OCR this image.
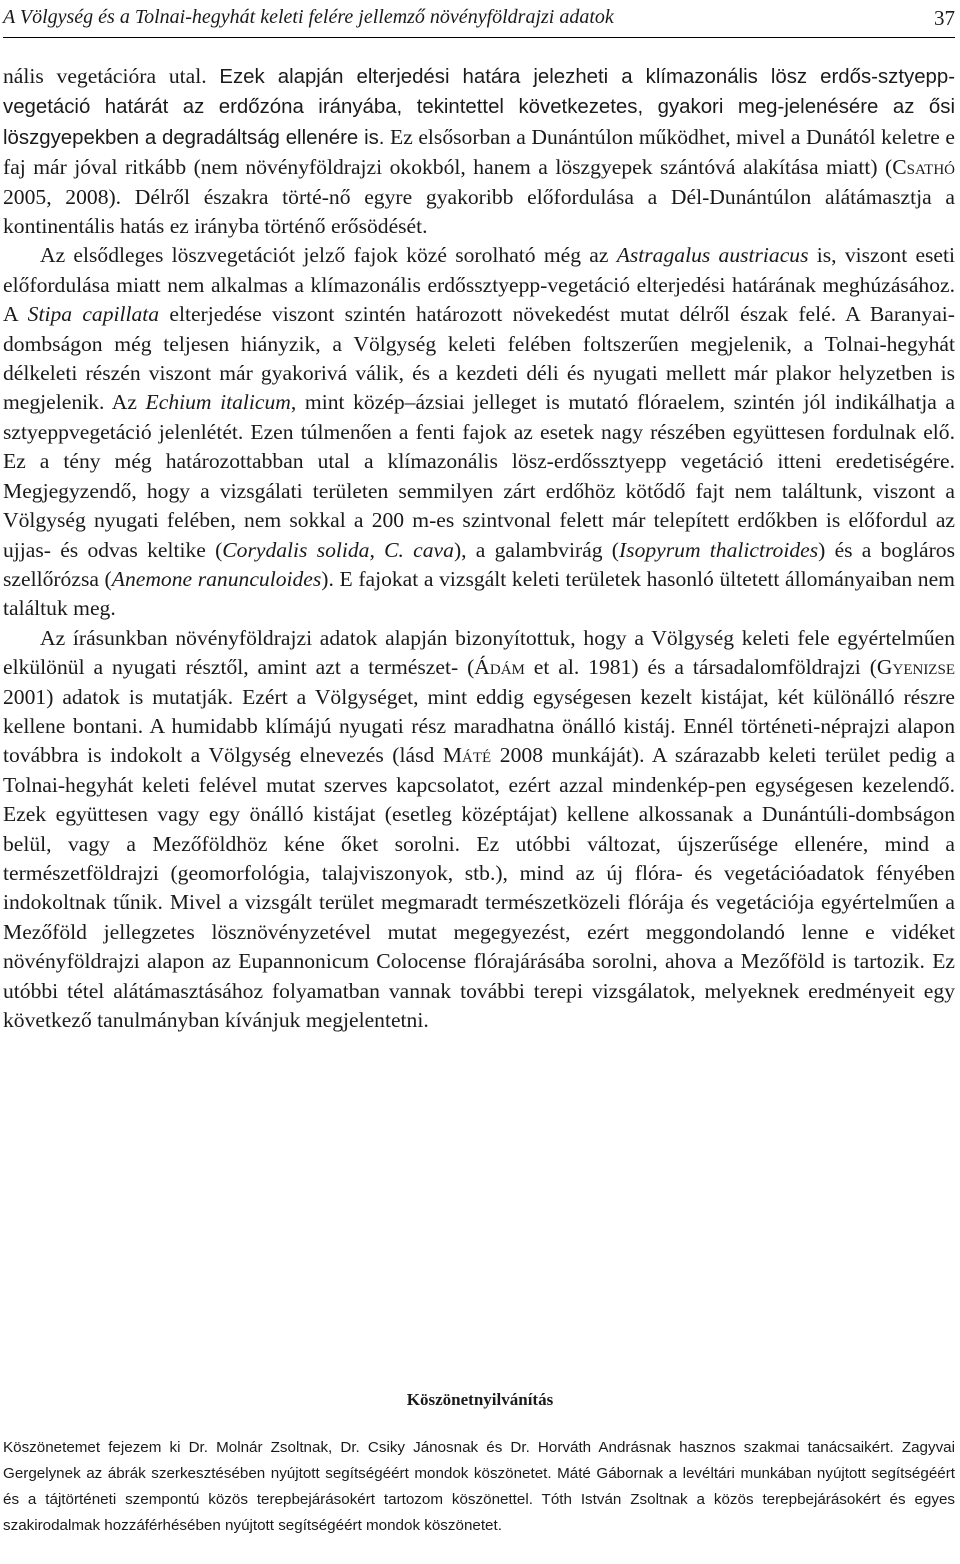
A Völgység és a Tolnai-hegyhát keleti felére jellemző növényföldrajzi adatok	37

nális vegetációra utal. Ezek alapján elterjedési határa jelezheti a klímazonális lösz erdős-sztyepp-vegetáció határát az erdőzóna irányába, tekintettel következetes, gyakori meg-jelenésére az ősi löszgyepekben a degradáltság ellenére is. Ez elsősorban a Dunántúlon működhet, mivel a Dunától keletre e faj már jóval ritkább (nem növényföldrajzi okokból, hanem a löszgyepek szántóvá alakítása miatt) (Csathó 2005, 2008). Délről északra törté-nő egyre gyakoribb előfordulása a Dél-Dunántúlon alátámasztja a kontinentális hatás ez irányba történő erősödését.

Az elsődleges löszvegetációt jelző fajok közé sorolható még az Astragalus austriacus is, viszont eseti előfordulása miatt nem alkalmas a klímazonális erdőssztyepp-vegetáció elterjedési határának meghúzásához. A Stipa capillata elterjedése viszont szintén határozott növekedést mutat délről észak felé. A Baranyai-dombságon még teljesen hiányzik, a Völgység keleti felében foltszerűen megjelenik, a Tolnai-hegyhát délkeleti részén viszont már gyakorivá válik, és a kezdeti déli és nyugati mellett már plakor helyzetben is megjelenik. Az Echium italicum, mint közép–ázsiai jelleget is mutató flóraelem, szintén jól indikálhatja a sztyeppvegetáció jelenlétét. Ezen túlmenően a fenti fajok az esetek nagy részében együttesen fordulnak elő. Ez a tény még határozottabban utal a klímazonális lösz-erdőssztyepp vegetáció itteni eredetiségére. Megjegyzendő, hogy a vizsgálati területen semmilyen zárt erdőhöz kötődő fajt nem találtunk, viszont a Völgység nyugati felében, nem sokkal a 200 m-es szintvonal felett már telepített erdőkben is előfordul az ujjas- és odvas keltike (Corydalis solida, C. cava), a galambvirág (Isopyrum thalictroides) és a bogláros szellőrózsa (Anemone ranunculoides). E fajokat a vizsgált keleti területek hasonló ültetett állományaiban nem találtuk meg.

Az írásunkban növényföldrajzi adatok alapján bizonyítottuk, hogy a Völgység keleti fele egyértelműen elkülönül a nyugati résztől, amint azt a természet- (Ádám et al. 1981) és a társadalomföldrajzi (Gyenizse 2001) adatok is mutatják. Ezért a Völgységet, mint eddig egységesen kezelt kistájat, két különálló részre kellene bontani. A humidabb klímájú nyugati rész maradhatna önálló kistáj. Ennél történeti-néprajzi alapon továbbra is indokolt a Völgység elnevezés (lásd Máté 2008 munkáját). A szárazabb keleti terület pedig a Tolnai-hegyhát keleti felével mutat szerves kapcsolatot, ezért azzal mindenkép-pen egységesen kezelendő. Ezek együttesen vagy egy önálló kistájat (esetleg középtájat) kellene alkossanak a Dunántúli-dombságon belül, vagy a Mezőföldhöz kéne őket sorolni. Ez utóbbi változat, újszerűsége ellenére, mind a természetföldrajzi (geomorfológia, talajviszonyok, stb.), mind az új flóra- és vegetációadatok fényében indokoltnak tűnik. Mivel a vizsgált terület megmaradt természetközeli flórája és vegetációja egyértelműen a Mezőföld jellegzetes lösznövényzetével mutat megegyezést, ezért meggondolandó lenne e vidéket növényföldrajzi alapon az Eupannonicum Colocense flórajárásába sorolni, ahova a Mezőföld is tartozik. Ez utóbbi tétel alátámasztásához folyamatban vannak további terepi vizsgálatok, melyeknek eredményeit egy következő tanulmányban kívánjuk megjelentetni.

Köszönetnyilvánítás

Köszönetemet fejezem ki Dr. Molnár Zsoltnak, Dr. Csiky Jánosnak és Dr. Horváth Andrásnak hasznos szakmai tanácsaikért. Zagyvai Gergelynek az ábrák szerkesztésében nyújtott segítségéért mondok köszönetet. Máté Gábornak a levéltári munkában nyújtott segítségéért és a tájtörténeti szempontú közös terepbejárásokért tartozom köszönettel. Tóth István Zsoltnak a közös terepbejárásokért és egyes szakirodalmak hozzáférhésében nyújtott segítségéért mondok köszönetet.
